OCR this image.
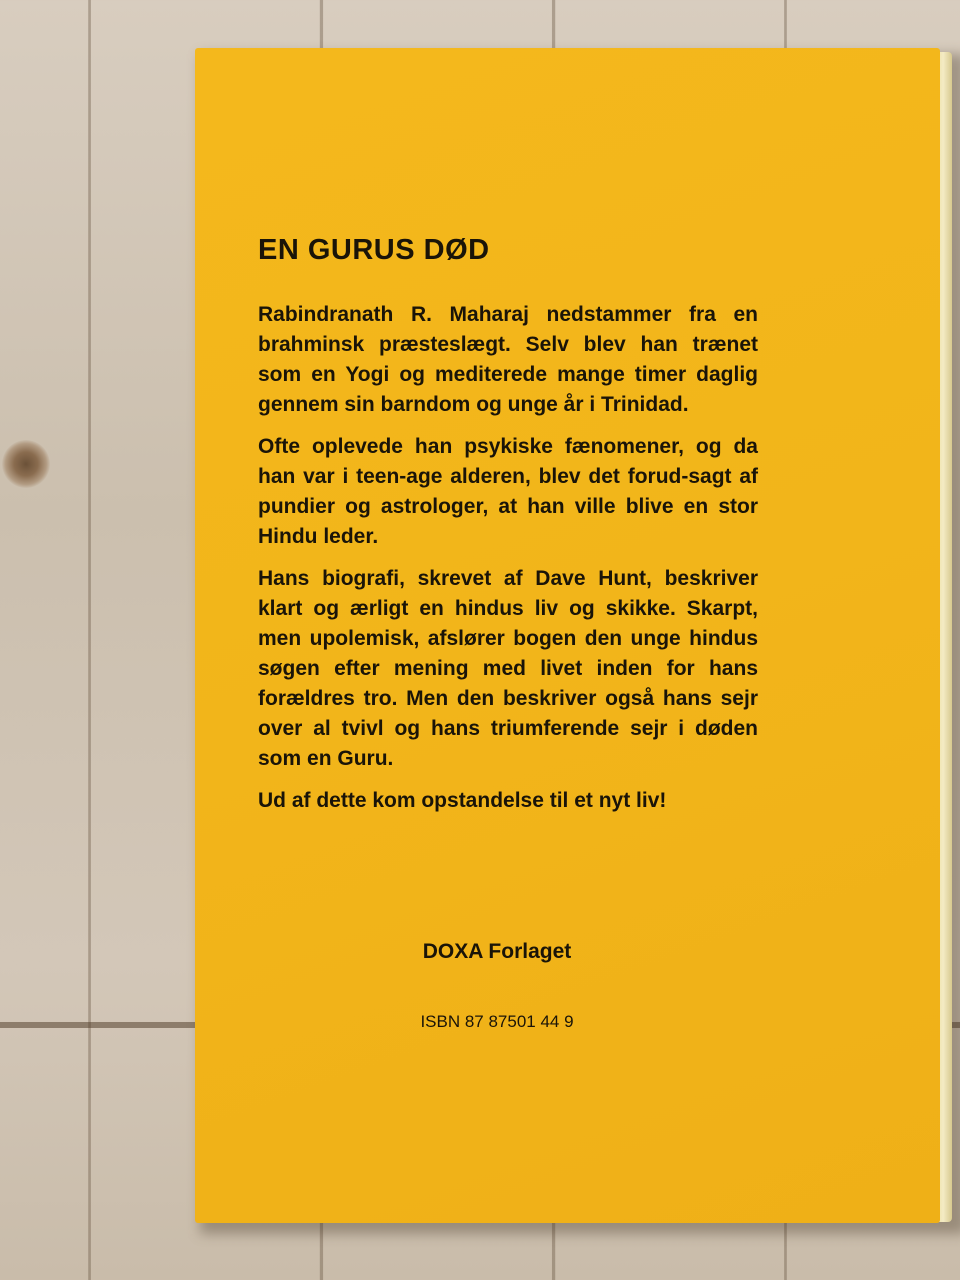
EN GURUS DØD

Rabindranath R. Maharaj nedstammer fra en brahminsk præsteslægt. Selv blev han trænet som en Yogi og mediterede mange timer daglig gennem sin barndom og unge år i Trinidad.

Ofte oplevede han psykiske fænomener, og da han var i teen-age alderen, blev det forud-sagt af pundier og astrologer, at han ville blive en stor Hindu leder.

Hans biografi, skrevet af Dave Hunt, beskriver klart og ærligt en hindus liv og skikke. Skarpt, men upolemisk, afslører bogen den unge hindus søgen efter mening med livet inden for hans forældres tro. Men den beskriver også hans sejr over al tvivl og hans triumferende sejr i døden som en Guru.

Ud af dette kom opstandelse til et nyt liv!

DOXA Forlaget
ISBN 87 87501 44 9
